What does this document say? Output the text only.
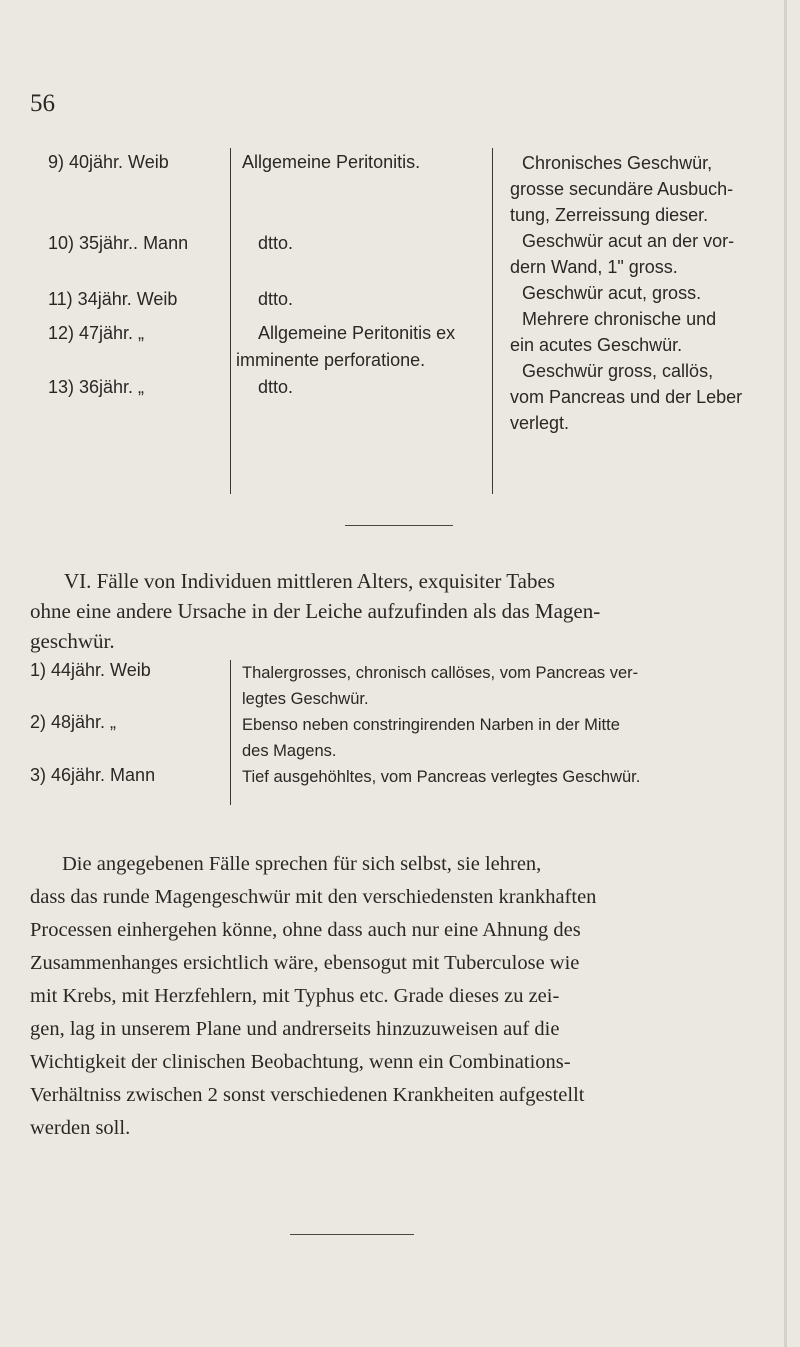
56
9) 40jähr. Weib
10) 35jähr.. Mann
11) 34jähr. Weib
12) 47jähr. „
13) 36jähr. „
Allgemeine Peritonitis.
dtto.
dtto.
Allgemeine Peritonitis ex
imminente perforatione.
dtto.
Chronisches Geschwür,
grosse secundäre Ausbuch-
tung, Zerreissung dieser.
Geschwür acut an der vor-
dern Wand, 1" gross.
Geschwür acut, gross.
Mehrere chronische und
ein acutes Geschwür.
Geschwür gross, callös,
vom Pancreas und der Leber
verlegt.
VI. Fälle von Individuen mittleren Alters, exquisiter Tabes
ohne eine andere Ursache in der Leiche aufzufinden als das Magen-
geschwür.
1) 44jähr. Weib
2) 48jähr. „
3) 46jähr. Mann
Thalergrosses, chronisch callöses, vom Pancreas ver-
legtes Geschwür.
Ebenso neben constringirenden Narben in der Mitte
des Magens.
Tief ausgehöhltes, vom Pancreas verlegtes Geschwür.
Die angegebenen Fälle sprechen für sich selbst, sie lehren,
dass das runde Magengeschwür mit den verschiedensten krankhaften
Processen einhergehen könne, ohne dass auch nur eine Ahnung des
Zusammenhanges ersichtlich wäre, ebensogut mit Tuberculose wie
mit Krebs, mit Herzfehlern, mit Typhus etc. Grade dieses zu zei-
gen, lag in unserem Plane und andrerseits hinzuzuweisen auf die
Wichtigkeit der clinischen Beobachtung, wenn ein Combinations-
Verhältniss zwischen 2 sonst verschiedenen Krankheiten aufgestellt
werden soll.
